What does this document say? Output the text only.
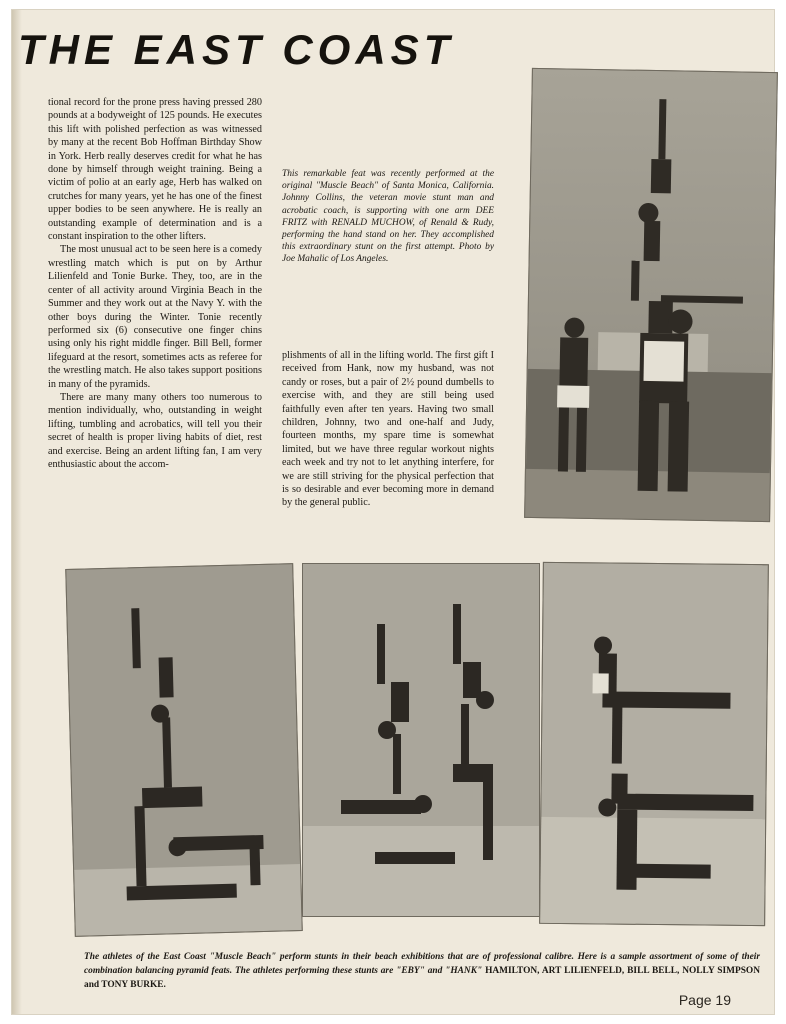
THE EAST COAST

tional record for the prone press having pressed 280 pounds at a bodyweight of 125 pounds. He executes this lift with polished perfection as was witnessed by many at the recent Bob Hoffman Birthday Show in York. Herb really deserves credit for what he has done by himself through weight training. Being a victim of polio at an early age, Herb has walked on crutches for many years, yet he has one of the finest upper bodies to be seen anywhere. He is really an outstanding example of determination and is a constant inspiration to the other lifters.

The most unusual act to be seen here is a comedy wrestling match which is put on by Arthur Lilienfeld and Tonie Burke. They, too, are in the center of all activity around Virginia Beach in the Summer and they work out at the Navy Y. with the other boys during the Winter. Tonie recently performed six (6) consecutive one finger chins using only his right middle finger. Bill Bell, former lifeguard at the resort, sometimes acts as referee for the wrestling match. He also takes support positions in many of the pyramids.

There are many many others too numerous to mention individually, who, outstanding in weight lifting, tumbling and acrobatics, will tell you their secret of health is proper living habits of diet, rest and exercise. Being an ardent lifting fan, I am very enthusiastic about the accom-

This remarkable feat was recently performed at the original "Muscle Beach" of Santa Monica, California. Johnny Collins, the veteran movie stunt man and acrobatic coach, is supporting with one arm DEE FRITZ with RENALD MUCHOW, of Renald & Rudy, performing the hand stand on her. They accomplished this extraordinary stunt on the first attempt. Photo by Joe Mahalic of Los Angeles.

plishments of all in the lifting world. The first gift I received from Hank, now my husband, was not candy or roses, but a pair of 2½ pound dumbells to exercise with, and they are still being used faithfully even after ten years. Having two small children, Johnny, two and one-half and Judy, fourteen months, my spare time is somewhat limited, but we have three regular workout nights each week and try not to let anything interfere, for we are still striving for the physical perfection that is so desirable and ever becoming more in demand by the general public.

The athletes of the East Coast "Muscle Beach" perform stunts in their beach exhibitions that are of professional calibre. Here is a sample assortment of some of their combination balancing pyramid feats. The athletes performing these stunts are "EBY" and "HANK" HAMILTON, ART LILIENFELD, BILL BELL, NOLLY SIMPSON and TONY BURKE.
Page 19
